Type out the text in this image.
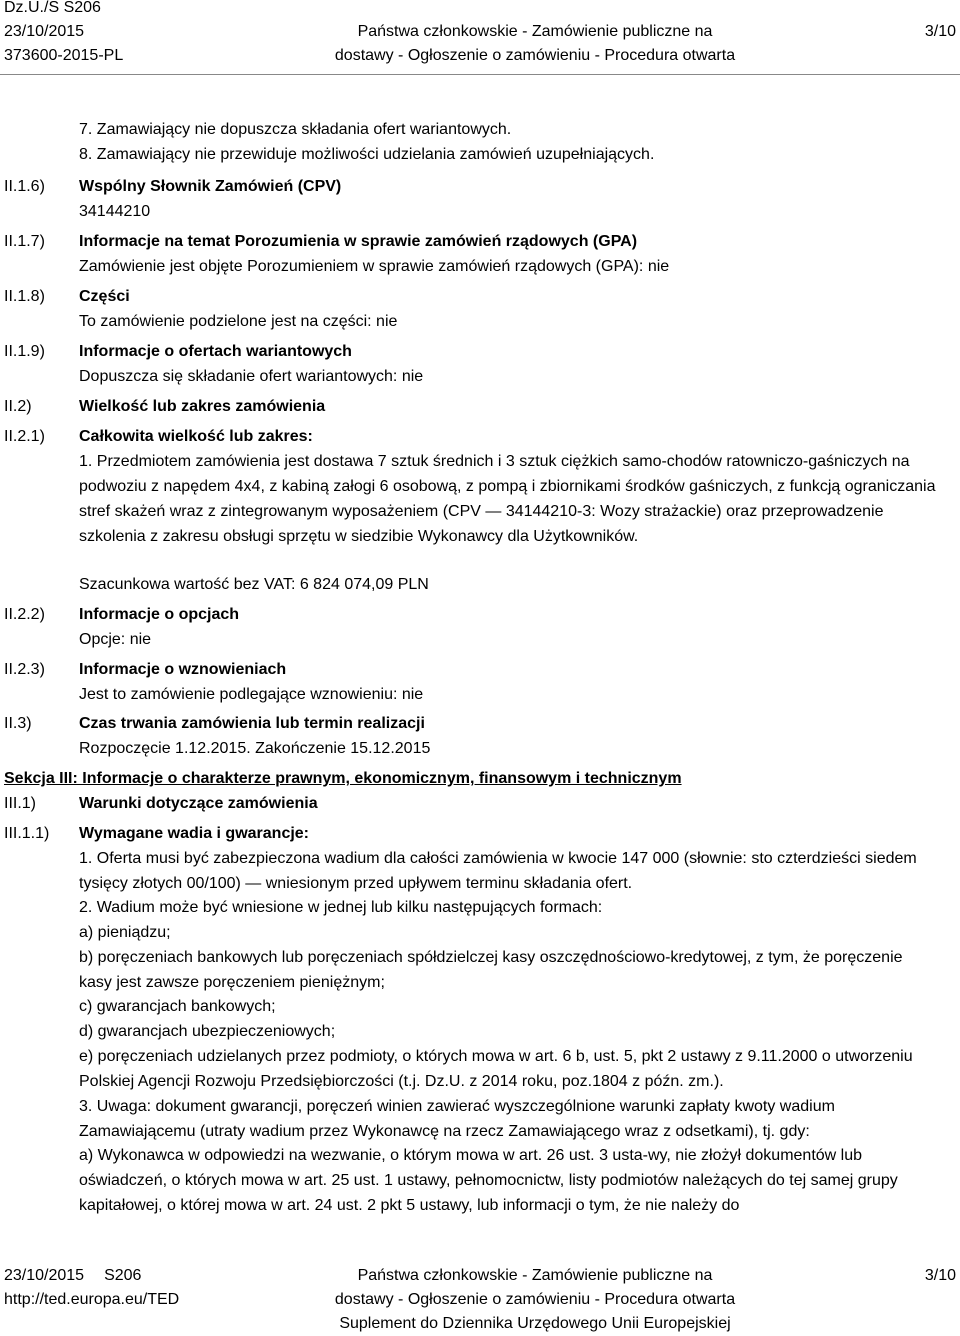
Dz.U./S S206
23/10/2015
373600-2015-PL
Państwa członkowskie - Zamówienie publiczne na
dostawy - Ogłoszenie o zamówieniu - Procedura otwarta
3/10
7. Zamawiający nie dopuszcza składania ofert wariantowych.
8. Zamawiający nie przewiduje możliwości udzielania zamówień uzupełniających.
II.1.6) Wspólny Słownik Zamówień (CPV)
34144210
II.1.7) Informacje na temat Porozumienia w sprawie zamówień rządowych (GPA)
Zamówienie jest objęte Porozumieniem w sprawie zamówień rządowych (GPA): nie
II.1.8) Części
To zamówienie podzielone jest na części: nie
II.1.9) Informacje o ofertach wariantowych
Dopuszcza się składanie ofert wariantowych: nie
II.2)	Wielkość lub zakres zamówienia
II.2.1) Całkowita wielkość lub zakres:
1. Przedmiotem zamówienia jest dostawa 7 sztuk średnich i 3 sztuk ciężkich samo-chodów ratowniczo-gaśniczych na podwoziu z napędem 4x4, z kabiną załogi 6 osobową, z pompą i zbiornikami środków gaśniczych, z funkcją ograniczania stref skażeń wraz z zintegrowanym wyposażeniem (CPV — 34144210-3: Wozy strażackie) oraz przeprowadzenie szkolenia z zakresu obsługi sprzętu w siedzibie Wykonawcy dla Użytkowników.
Szacunkowa wartość bez VAT: 6 824 074,09 PLN
II.2.2) Informacje o opcjach
Opcje: nie
II.2.3) Informacje o wznowieniach
Jest to zamówienie podlegające wznowieniu: nie
II.3)	Czas trwania zamówienia lub termin realizacji
Rozpoczęcie 1.12.2015. Zakończenie 15.12.2015
Sekcja III: Informacje o charakterze prawnym, ekonomicznym, finansowym i technicznym
III.1)	Warunki dotyczące zamówienia
III.1.1) Wymagane wadia i gwarancje:
1. Oferta musi być zabezpieczona wadium dla całości zamówienia w kwocie 147 000 (słownie: sto czterdzieści siedem tysięcy złotych 00/100) — wniesionym przed upływem terminu składania ofert.
2. Wadium może być wniesione w jednej lub kilku następujących formach:
a) pieniądzu;
b) poręczeniach bankowych lub poręczeniach spółdzielczej kasy oszczędnościowo-kredytowej, z tym, że poręczenie kasy jest zawsze poręczeniem pieniężnym;
c) gwarancjach bankowych;
d) gwarancjach ubezpieczeniowych;
e) poręczeniach udzielanych przez podmioty, o których mowa w art. 6 b, ust. 5, pkt 2 ustawy z 9.11.2000 o utworzeniu Polskiej Agencji Rozwoju Przedsiębiorczości (t.j. Dz.U. z 2014 roku, poz.1804 z późn. zm.).
3. Uwaga: dokument gwarancji, poręczeń winien zawierać wyszczególnione warunki zapłaty kwoty wadium Zamawiającemu (utraty wadium przez Wykonawcę na rzecz Zamawiającego wraz z odsetkami), tj. gdy:
a) Wykonawca w odpowiedzi na wezwanie, o którym mowa w art. 26 ust. 3 usta-wy, nie złożył dokumentów lub oświadczeń, o których mowa w art. 25 ust. 1 ustawy, pełnomocnictw, listy podmiotów należących do tej samej grupy kapitałowej, o której mowa w art. 24 ust. 2 pkt 5 ustawy, lub informacji o tym, że nie należy do
23/10/2015 S206
http://ted.europa.eu/TED
Państwa członkowskie - Zamówienie publiczne na
dostawy - Ogłoszenie o zamówieniu - Procedura otwarta
Suplement do Dziennika Urzędowego Unii Europejskiej
3/10
